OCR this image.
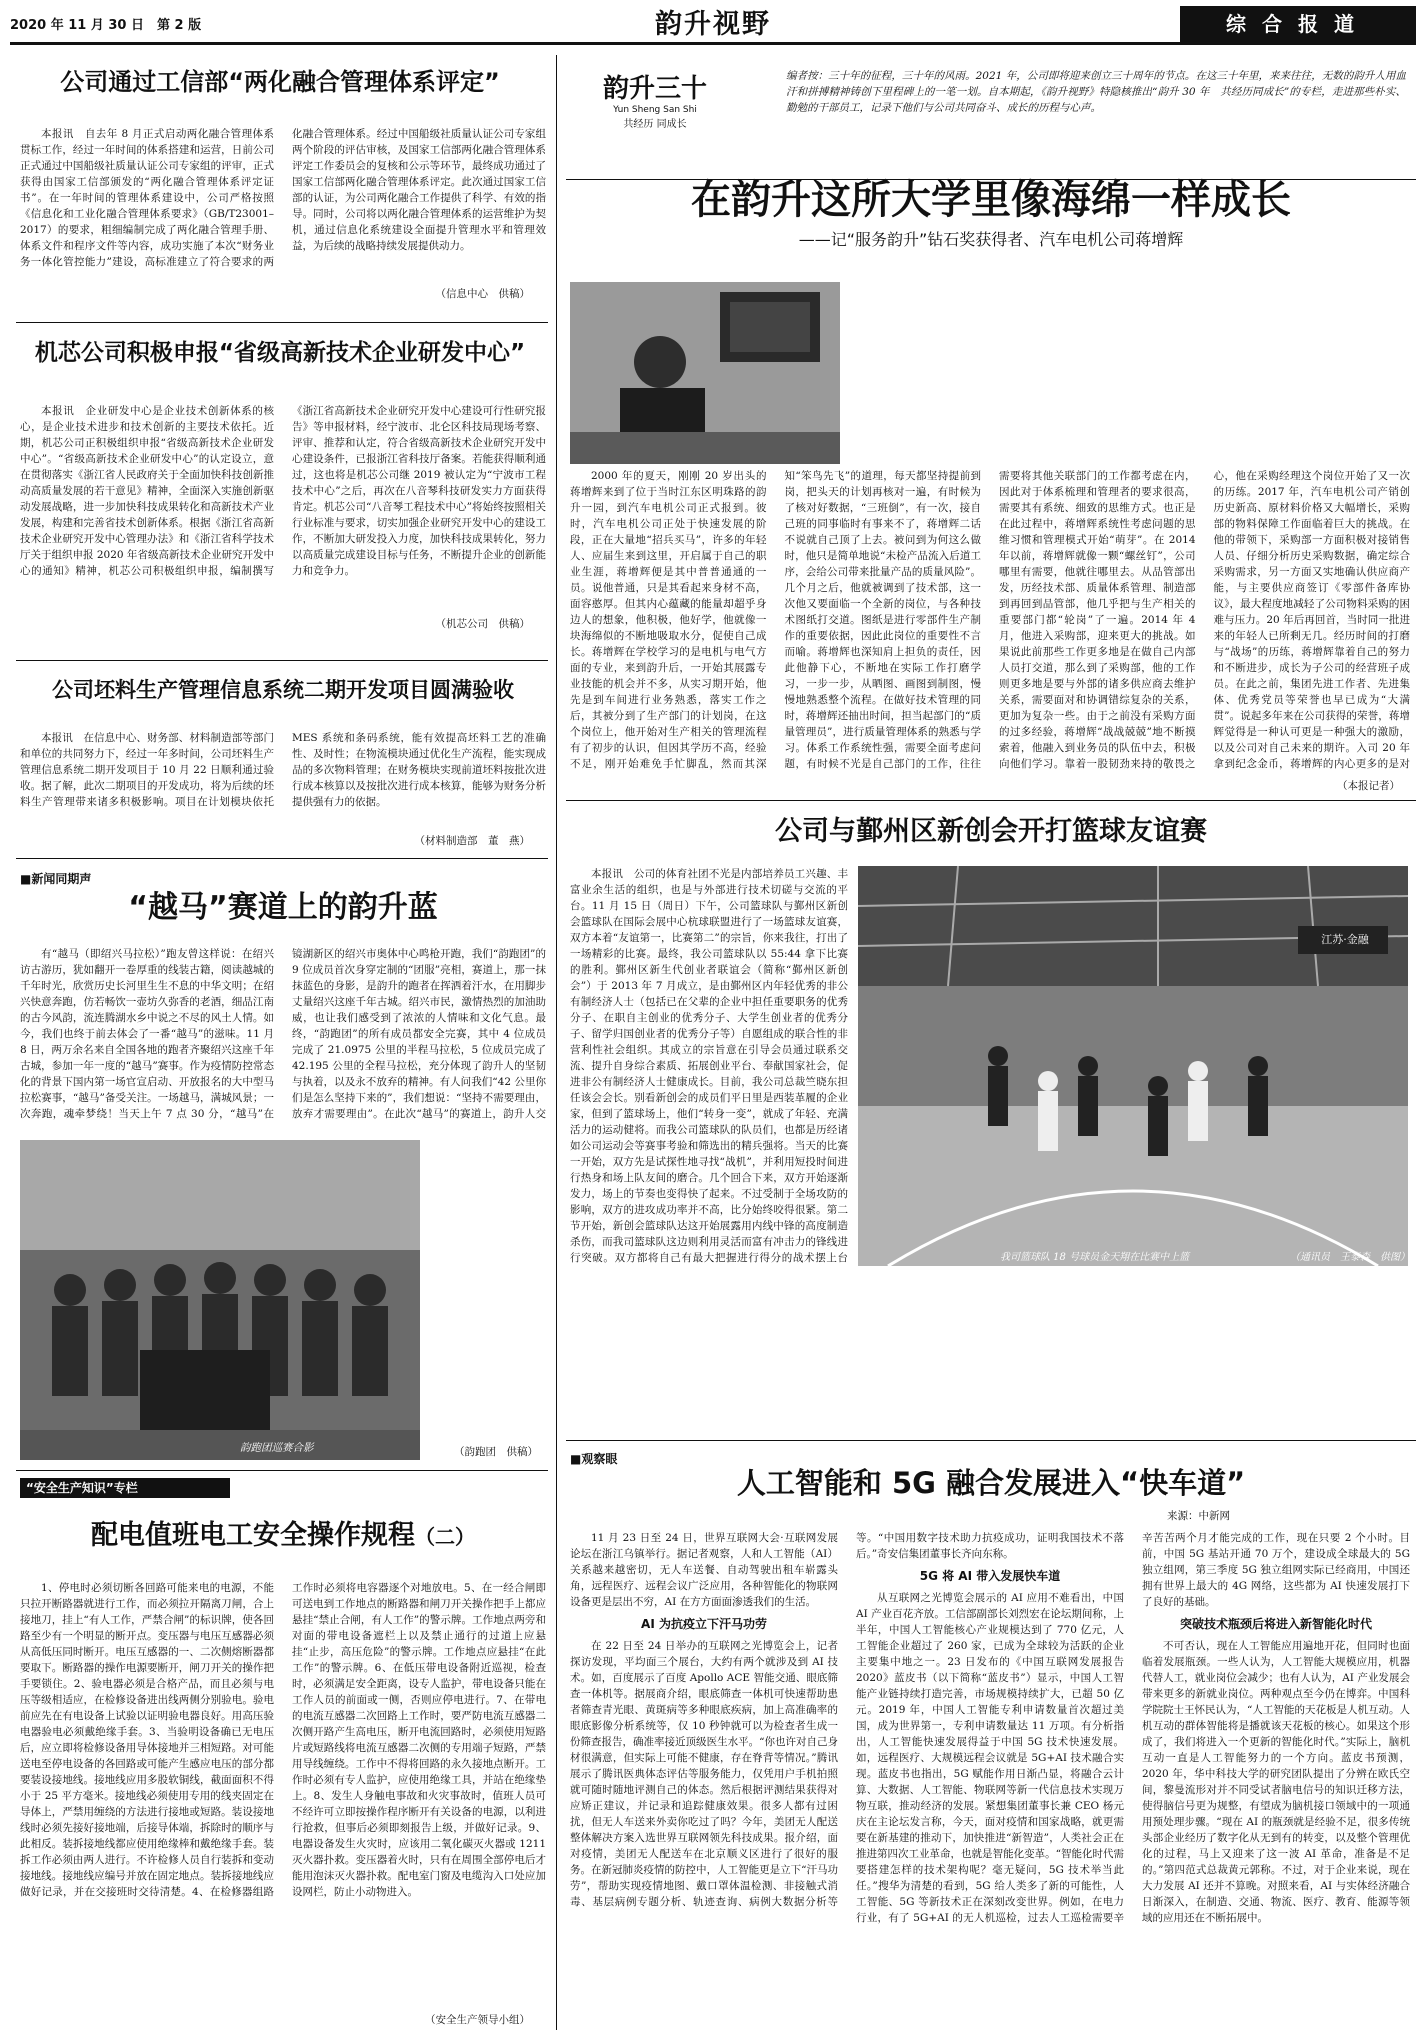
2020 年 11 月 30 日　第 2 版	韵升视野	综合报道
公司通过工信部“两化融合管理体系评定”

本报讯　自去年 8 月正式启动两化融合管理体系贯标工作，经过一年时间的体系搭建和运营，日前公司正式通过中国船级社质量认证公司专家组的评审，正式获得由国家工信部颁发的“两化融合管理体系评定证书”。在一年时间的管理体系建设中，公司严格按照《信息化和工业化融合管理体系要求》（GB/T23001–2017）的要求，粗细编制完成了两化融合管理手册、体系文件和程序文件等内容，成功实施了本次“财务业务一体化管控能力”建设，高标准建立了符合要求的两化融合管理体系。经过中国船级社质量认证公司专家组两个阶段的评估审核，及国家工信部两化融合管理体系评定工作委员会的复核和公示等环节，最终成功通过了国家工信部两化融合管理体系评定。此次通过国家工信部的认证，为公司两化融合工作提供了科学、有效的指导。同时，公司将以两化融合管理体系的运营维护为契机，通过信息化系统建设全面提升管理水平和管理效益，为后续的战略持续发展提供动力。

（信息中心　供稿）
机芯公司积极申报“省级高新技术企业研发中心”

本报讯　企业研发中心是企业技术创新体系的核心，是企业技术进步和技术创新的主要技术依托。近期，机芯公司正积极组织申报“省级高新技术企业研发中心”。“省级高新技术企业研发中心”的认定设立，意在贯彻落实《浙江省人民政府关于全面加快科技创新推动高质量发展的若干意见》精神，全面深入实施创新驱动发展战略，进一步加快科技成果转化和高新技术产业发展，构建和完善省技术创新体系。根据《浙江省高新技术企业研究开发中心管理办法》和《浙江省科学技术厅关于组织申报 2020 年省级高新技术企业研究开发中心的通知》精神，机芯公司积极组织申报，编制撰写《浙江省高新技术企业研究开发中心建设可行性研究报告》等申报材料，经宁波市、北仑区科技局现场考察、评审、推荐和认定，符合省级高新技术企业研究开发中心建设条件，已报浙江省科技厅备案。若能获得顺利通过，这也将是机芯公司继 2019 被认定为“宁波市工程技术中心”之后，再次在八音琴科技研发实力方面获得肯定。机芯公司“八音琴工程技术中心”将始终按照相关行业标准与要求，切实加强企业研究开发中心的建设工作，不断加大研发投入力度，加快科技成果转化，努力以高质量完成建设目标与任务，不断提升企业的创新能力和竞争力。

（机芯公司　供稿）
公司坯料生产管理信息系统二期开发项目圆满验收

本报讯　在信息中心、财务部、材料制造部等部门和单位的共同努力下，经过一年多时间，公司坯料生产管理信息系统二期开发项目于 10 月 22 日顺利通过验收。据了解，此次二期项目的开发成功，将为后续的坯料生产管理带来诸多积极影响。项目在计划模块依托 MES 系统和条码系统，能有效提高坯料工艺的准确性、及时性；在物流模块通过优化生产流程，能实现成品的多次物料管理；在财务模块实现前道坯料按批次进行成本核算以及按批次进行成本核算，能够为财务分析提供强有力的依据。

（材料制造部　董　燕）
■新闻同期声
“越马”赛道上的韵升蓝

有“越马（即绍兴马拉松）”跑友曾这样说：在绍兴访古游历，犹如翻开一卷厚重的线装古籍，阅读越城的千年时光，欣赏历史长河里生生不息的中华文明；在绍兴快意奔跑，仿若畅饮一壶坊久弥香的老酒，细品江南的古今风韵，流连腾湖水乡中说之不尽的风土人情。如今，我们也终于前去体会了一番“越马”的滋味。11 月 8 日，两万余名来自全国各地的跑者齐聚绍兴这座千年古城，参加一年一度的“越马”赛事。作为疫情防控常态化的背景下国内第一场官宣启动、开放报名的大中型马拉松赛事，“越马”备受关注。一场越马，满城风景；一次奔跑，魂牵梦绕！当天上午 7 点 30 分，“越马”在镜湖新区的绍兴市奥体中心鸣枪开跑，我们“韵跑团”的 9 位成员首次身穿定制的“团服”亮相，赛道上，那一抹抹蓝色的身影，是韵升的跑者在挥洒着汗水，在用脚步丈量绍兴这座千年古城。绍兴市民，激情热烈的加油助威，也让我们感受到了浓浓的人情味和文化气息。最终，“韵跑团”的所有成员都安全完赛，其中 4 位成员完成了 21.0975 公里的半程马拉松，5 位成员完成了 42.195 公里的全程马拉松，充分体现了韵升人的坚韧与执着，以及永不放弃的精神。有人问我们“42 公里你们是怎么坚持下来的”，我们想说：“坚持不需要理由，放弃才需要理由”。在此次“越马”的赛道上，韵升人交

韵跑团巡赛合影	（韵跑团　供稿）
“安全生产知识”专栏
配电值班电工安全操作规程（二）

1、停电时必须切断各回路可能来电的电源，不能只拉开断路器就进行工作，而必须拉开隔离刀闸，合上接地刀，挂上“有人工作，严禁合闸”的标识牌，使各回路至少有一个明显的断开点。变压器与电压互感器必须从高低压同时断开。电压互感器的一、二次侧熔断器都要取下。断路器的操作电源要断开，闸刀开关的操作把手要锁住。2、验电器必须是合格产品，而且必须与电压等级相适应，在检修设备进出线两侧分别验电。验电前应先在有电设备上试验以证明验电器良好。用高压验电器验电必须戴绝缘手套。3、当验明设备确已无电压后，应立即将检修设备用导体接地并三相短路。对可能送电至停电设备的各回路或可能产生感应电压的部分都要装设接地线。接地线应用多股软铜线，截面面积不得小于 25 平方毫米。接地线必须使用专用的线夹固定在导体上，严禁用缠绕的方法进行接地或短路。装设接地线时必须先接好接地端，后接导体端，拆除时的顺序与此相反。装拆接地线都应使用绝缘棒和戴绝缘手套。装拆工作必须由两人进行。不许检修人员自行装拆和变动接地线。接地线应编号并放在固定地点。装拆接地线应做好记录，并在交接班时交待清楚。4、在检修器组路工作时必须将电容器逐个对地放电。5、在一经合闸即可送电到工作地点的断路器和闸刀开关操作把手上都应悬挂“禁止合闸，有人工作”的警示牌。工作地点两旁和对面的带电设备遮栏上以及禁止通行的过道上应悬挂“止步，高压危险”的警示牌。工作地点应悬挂“在此工作”的警示牌。6、在低压带电设备附近巡视，检查时，必须满足安全距离，设专人监护，带电设备只能在工作人员的前面或一侧，否则应停电进行。7、在带电的电流互感器二次回路上工作时，要严防电流互感器二次侧开路产生高电压，断开电流回路时，必须使用短路片或短路线将电流互感器二次侧的专用端子短路，严禁用导线缠绕。工作中不得将回路的永久接地点断开。工作时必须有专人监护，应使用绝缘工具，并站在绝缘垫上。8、发生人身触电事故和火灾事故时，值班人员可不经许可立即按操作程序断开有关设备的电源，以利进行抢救，但事后必须即刻报告上级，并做好记录。9、电器设备发生火灾时，应该用二氧化碳灭火器或 1211 灭火器扑救。变压器着火时，只有在周围全部停电后才能用泡沫灭火器扑救。配电室门窗及电缆沟入口处应加设网栏，防止小动物进入。

（安全生产领导小组）
韵升三十
Yun Sheng San Shi
共经历 同成长
编者按：三十年的征程，三十年的风雨。2021 年，公司即将迎来创立三十周年的节点。在这三十年里，来来往往，无数的韵升人用血汗和拼搏精神铸创下里程碑上的一笔一划。自本期起，《韵升视野》特隐核推出“韵升 30 年　共经历同成长”的专栏，走进那些朴实、勤勉的干部员工，记录下他们与公司共同奋斗、成长的历程与心声。
在韵升这所大学里像海绵一样成长
——记“服务韵升”钻石奖获得者、汽车电机公司蒋增辉

2000 年的夏天，刚刚 20 岁出头的蒋增辉来到了位于当时江东区明珠路的韵升一园，到汽车电机公司正式报到。彼时，汽车电机公司正处于快速发展的阶段，正在大量地“招兵买马”，许多的年轻人、应届生来到这里，开启属于自己的职业生涯，蒋增辉便是其中普普通通的一员。说他普通，只是其看起来身材不高，面容憨厚。但其内心蕴藏的能量却超乎身边人的想象，他积极，他好学，他就像一块海绵似的不断地吸取水分，促使自己成长。蒋增辉在学校学习的是电机与电气方面的专业，来到韵升后，一开始其展露专业技能的机会并不多，从实习期开始，他先是到车间进行业务熟悉，落实工作之后，其被分到了生产部门的计划岗，在这个岗位上，他开始对生产相关的管理流程有了初步的认识，但因其学历不高，经验不足，刚开始难免手忙脚乱，然而其深知“笨鸟先飞”的道理，每天都坚持提前到岗，把头天的计划再核对一遍，有时候为了核对好数据，“三班倒”，有一次，接自己班的同事临时有事来不了，蒋增辉二话不说就自己顶了上去。被问到为何这么做时，他只是简单地说“未检产品流入后道工序，会给公司带来批量产品的质量风险”。几个月之后，他就被调到了技术部，这一次他又要面临一个全新的岗位，与各种技术图纸打交道。图纸是进行零部件生产制作的重要依据，因此此岗位的重要性不言而喻。蒋增辉也深知肩上担负的责任，因此他静下心，不断地在实际工作打磨学习，一步一步，从晒图、画图到制图，慢慢地熟悉整个流程。在做好技术管理的同时，蒋增辉还抽出时间，担当起部门的“质量管理员”，进行质量管理体系的熟悉与学习。体系工作系统性强，需要全面考虑问题，有时候不光是自己部门的工作，往往需要将其他关联部门的工作都考虑在内，因此对于体系梳理和管理者的要求很高，需要其有系统、细致的思维方式。也正是在此过程中，蒋增辉系统性考虑问题的思维习惯和管理模式开始“萌芽”。在 2014 年以前，蒋增辉就像一颗“螺丝钉”，公司哪里有需要，他就往哪里去。从品管部出发，历经技术部、质量体系管理、制造部到再回到品管部，他几乎把与生产相关的重要部门都“轮岗”了一遍。2014 年 4 月，他进入采购部，迎来更大的挑战。如果说此前那些工作更多地是在做自己内部人员打交道，那么到了采购部，他的工作则更多地是要与外部的诸多供应商去维护关系，需要面对和协调错综复杂的关系，更加为复杂一些。由于之前没有采购方面的过多经验，蒋增辉“战战兢兢”地不断摸索着，他融入到业务员的队伍中去，积极向他们学习。靠着一股韧劲来持的敬畏之心，他在采购经理这个岗位开始了又一次的历练。2017 年，汽车电机公司产销创历史新高、原材料价格又大幅增长，采购部的物料保障工作面临着巨大的挑战。在他的带领下，采购部一方面积极对接销售人员、仔细分析历史采购数据，确定综合采购需求，另一方面又实地确认供应商产能，与主要供应商签订《零部件备库协议》，最大程度地减轻了公司物料采购的困难与压力。20 年后再回首，当时同一批进来的年轻人已所剩无几。经历时间的打磨与“战场”的历练，蒋增辉靠着自己的努力和不断进步，成长为子公司的经营班子成员。在此之前，集团先进工作者、先进集体、优秀党员等荣誉也早已成为“大满贯”。说起多年来在公司获得的荣誉，蒋增辉觉得是一种认可更是一种强大的激励，以及公司对自己未来的期许。入司 20 年拿到纪念金币，蒋增辉的内心更多的是对

（本报记者）
公司与鄞州区新创会开打篮球友谊赛
江苏·金融
我司篮球队 18 号球员金天翔在比赛中上篮	（通讯员　王泰森　供图）

本报讯　公司的体育社团不光是内部培养员工兴趣、丰富业余生活的组织，也是与外部进行技术切磋与交流的平台。11 月 15 日（周日）下午，公司篮球队与鄞州区新创会篮球队在国际会展中心杭球联盟进行了一场篮球友谊赛，双方本着“友谊第一，比赛第二”的宗旨，你来我往，打出了一场精彩的比赛。最终，我公司篮球队以 55:44 拿下比赛的胜利。鄞州区新生代创业者联谊会（简称“鄞州区新创会”）于 2013 年 7 月成立，是由鄞州区内年轻优秀的非公有制经济人士（包括已在父辈的企业中担任重要职务的优秀分子、在职自主创业的优秀分子、大学生创业者的优秀分子、留学归国创业者的优秀分子等）自愿组成的联合性的非营利性社会组织。其成立的宗旨意在引导会员通过联系交流、提升自身综合素质、拓展创业平台、奉献国家社会，促进非公有制经济人士健康成长。目前，我公司总裁竺晓东担任该会会长。别看新创会的成员们平日里是西装革履的企业家，但到了篮球场上，他们“转身一变”，就成了年轻、充满活力的运动健将。而我公司篮球队的队员们，也都是历经诸如公司运动会等赛事考验和筛选出的精兵强将。当天的比赛一开始，双方先是试探性地寻找“战机”，并利用短投时间进行热身和场上队友间的磨合。几个回合下来，双方开始逐渐发力，场上的节奏也变得快了起来。不过受制于全场攻防的影响，双方的进攻成功率并不高，比分始终咬得很紧。第二节开始，新创会篮球队达这开始展露用内线中锋的高度制造杀伤，而我司篮球队这边则利用灵活而富有冲击力的锋线进行突破。双方都将自己有最大把握进行得分的战术摆上台

■观察眼
人工智能和 5G 融合发展进入“快车道”
来源：中新网

11 月 23 日至 24 日，世界互联网大会·互联网发展论坛在浙江乌镇举行。据记者观察，人和人工智能（AI）关系越来越密切，无人车送餐、自动驾驶出租车崭露头角，远程医疗、远程会议广泛应用，各种智能化的物联网设备更是层出不穷，AI 在方方面面渗透我们的生活。

AI 为抗疫立下汗马功劳

在 22 日至 24 日举办的互联网之光博览会上，记者探访发现，平均面三个展台，大约有两个就涉及到 AI 技术。如，百度展示了百度 Apollo ACE 智能交通、眼底筛查一体机等。据展商介绍，眼底筛查一体机可快速帮助患者筛查青光眼、黄斑病等多种眼底疾病，加上高准确率的眼底影像分析系统等，仅 10 秒钟就可以为检查者生成一份筛查报告，确准率接近顶级医生水平。“你也许对自己身材很满意，但实际上可能不健康，存在脊背等情况。”腾讯展示了腾讯医典体态评估等服务能力，仅凭用户手机拍照就可随时随地评测自己的体态。然后根据评测结果获得对应矫正建议，并记录和追踪健康效果。很多人都有过困扰，但无人车送来外卖你吃过了吗？今年，美团无人配送整体解决方案入选世界互联网领先科技成果。报介绍，面对疫情，美团无人配送车在北京顺义区进行了很好的服务。在新冠肺炎疫情的防控中，人工智能更是立下“汗马功劳”，帮助实现疫情地图、戴口罩体温检测、非接触式消毒、基层病例专题分析、轨迹查询、病例大数据分析等等。“中国用数字技术助力抗疫成功，证明我国技术不落后。”奇安信集团董事长齐向东称。

5G 将 AI 带入发展快车道

从互联网之光博览会展示的 AI 应用不难看出，中国 AI 产业百花齐放。工信部副部长刘烈宏在论坛期间称，上半年，中国人工智能核心产业规模达到了 770 亿元，人工智能企业超过了 260 家，已成为全球较为活跃的企业主要集中地之一。23 日发布的《中国互联网发展报告 2020》蓝皮书（以下简称“蓝皮书”）显示，中国人工智能产业链持续打造完善，市场规模持续扩大，已超 50 亿元。2019 年，中国人工智能专利申请数量首次超过美国，成为世界第一，专利申请数量达 11 万项。有分析指出，人工智能快速发展得益于中国 5G 技术快速发展。如，远程医疗、大规模远程会议就是 5G+AI 技术融合实现。蓝皮书也指出，5G 赋能作用日渐凸显，将融合云计算、大数据、人工智能、物联网等新一代信息技术实现万物互联，推动经济的发展。紧想集团董事长兼 CEO 杨元庆在主论坛发言称，今天，面对疫情和国家战略，就更需要在新基建的推动下，加快推进“新智造”，人类社会正在推进第四次工业革命，也就是智能化变革。“智能化时代需要搭建怎样的技术架构呢？毫无疑问，5G 技术举当此任。”搜华为清楚的看到，5G 给人类多了新的可能性，人工智能、5G 等新技术正在深刻改变世界。例如，在电力行业，有了 5G+AI 的无人机巡检，过去人工巡检需要辛辛苦苦两个月才能完成的工作，现在只要 2 个小时。目前，中国 5G 基站开通 70 万个，建设成全球最大的 5G 独立组网，第三季度 5G 独立组网实际已经商用，中国还拥有世界上最大的 4G 网络，这些都为 AI 快速发展打下了良好的基础。

突破技术瓶颈后将进入新智能化时代

不可否认，现在人工智能应用遍地开花，但同时也面临着发展瓶颈。一些人认为，人工智能大规模应用，机器代替人工，就业岗位会减少；也有人认为，AI 产业发展会带来更多的新就业岗位。两种观点至今仍在博弈。中国科学院院士王怀民认为，“人工智能的天花板是人机互动。人机互动的群体智能将是播就该天花板的核心。如果这个形成了，我们将进入一个更新的智能化时代。”实际上，脑机互动一直是人工智能努力的一个方向。蓝皮书预测，2020 年，华中科技大学的研究团队提出了分辨在欧氏空间，黎曼流形对并不同受试者脑电信号的知识迁移方法，使得脑信号更为规整，有望成为脑机接口领域中的一项通用预处理步骤。“现在 AI 的瓶颈就是经验不足，很多传统头部企业经历了数字化从无到有的转变，以及整个管理优化的过程，马上又迎来了这一波 AI 革命，准备是不足的。”第四范式总裁黄元郭称。不过，对于企业来说，现在大力发展 AI 还并不算晚。对照来看，AI 与实体经济融合日渐深入，在制造、交通、物流、医疗、教育、能源等领域的应用还在不断拓展中。
